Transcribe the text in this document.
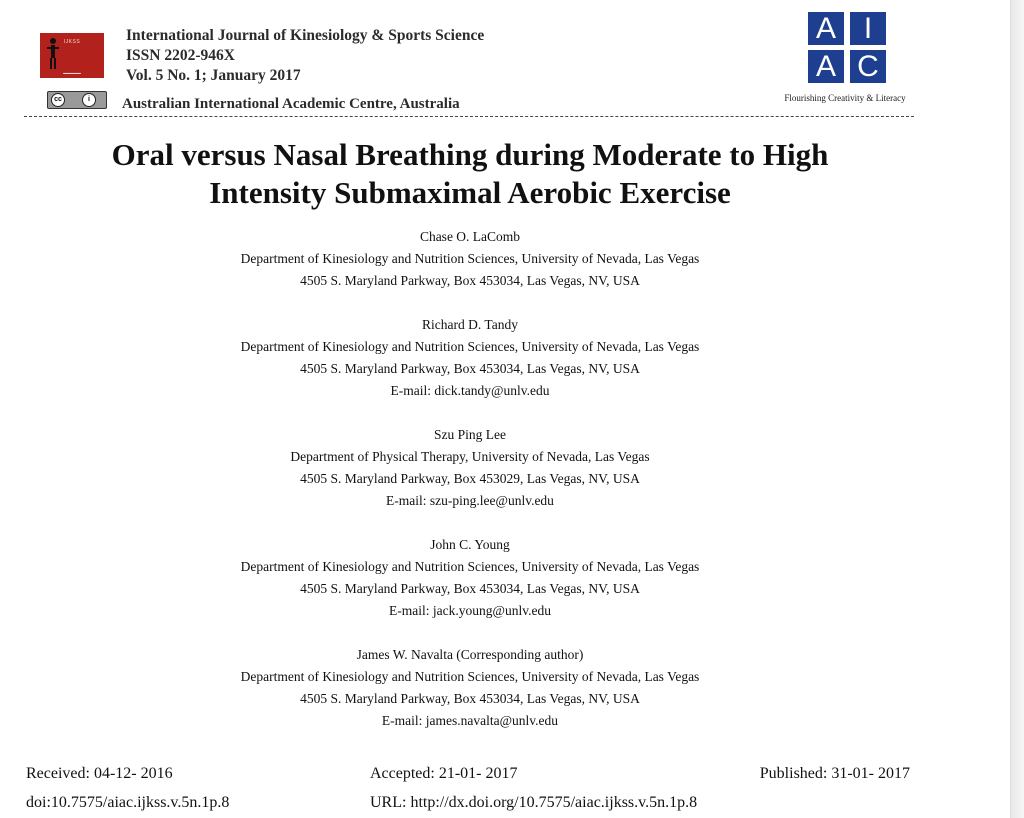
IJKSS
▬▬▬▬▬
International Journal of Kinesiology & Sports Science
ISSN 2202-946X
Vol. 5 No. 1; January 2017
cc	i	Australian International Academic Centre, Australia
A I
A C
Flourishing Creativity & Literacy
Oral versus Nasal Breathing during Moderate to High
Intensity Submaximal Aerobic Exercise
Chase O. LaComb
Department of Kinesiology and Nutrition Sciences, University of Nevada, Las Vegas
4505 S. Maryland Parkway, Box 453034, Las Vegas, NV, USA
Richard D. Tandy
Department of Kinesiology and Nutrition Sciences, University of Nevada, Las Vegas
4505 S. Maryland Parkway, Box 453034, Las Vegas, NV, USA
E-mail: dick.tandy@unlv.edu
Szu Ping Lee
Department of Physical Therapy, University of Nevada, Las Vegas
4505 S. Maryland Parkway, Box 453029, Las Vegas, NV, USA
E-mail: szu-ping.lee@unlv.edu
John C. Young
Department of Kinesiology and Nutrition Sciences, University of Nevada, Las Vegas
4505 S. Maryland Parkway, Box 453034, Las Vegas, NV, USA
E-mail: jack.young@unlv.edu
James W. Navalta (Corresponding author)
Department of Kinesiology and Nutrition Sciences, University of Nevada, Las Vegas
4505 S. Maryland Parkway, Box 453034, Las Vegas, NV, USA
E-mail: james.navalta@unlv.edu
Received: 04-12- 2016	Accepted: 21-01- 2017	Published: 31-01- 2017
doi:10.7575/aiac.ijkss.v.5n.1p.8	URL: http://dx.doi.org/10.7575/aiac.ijkss.v.5n.1p.8
